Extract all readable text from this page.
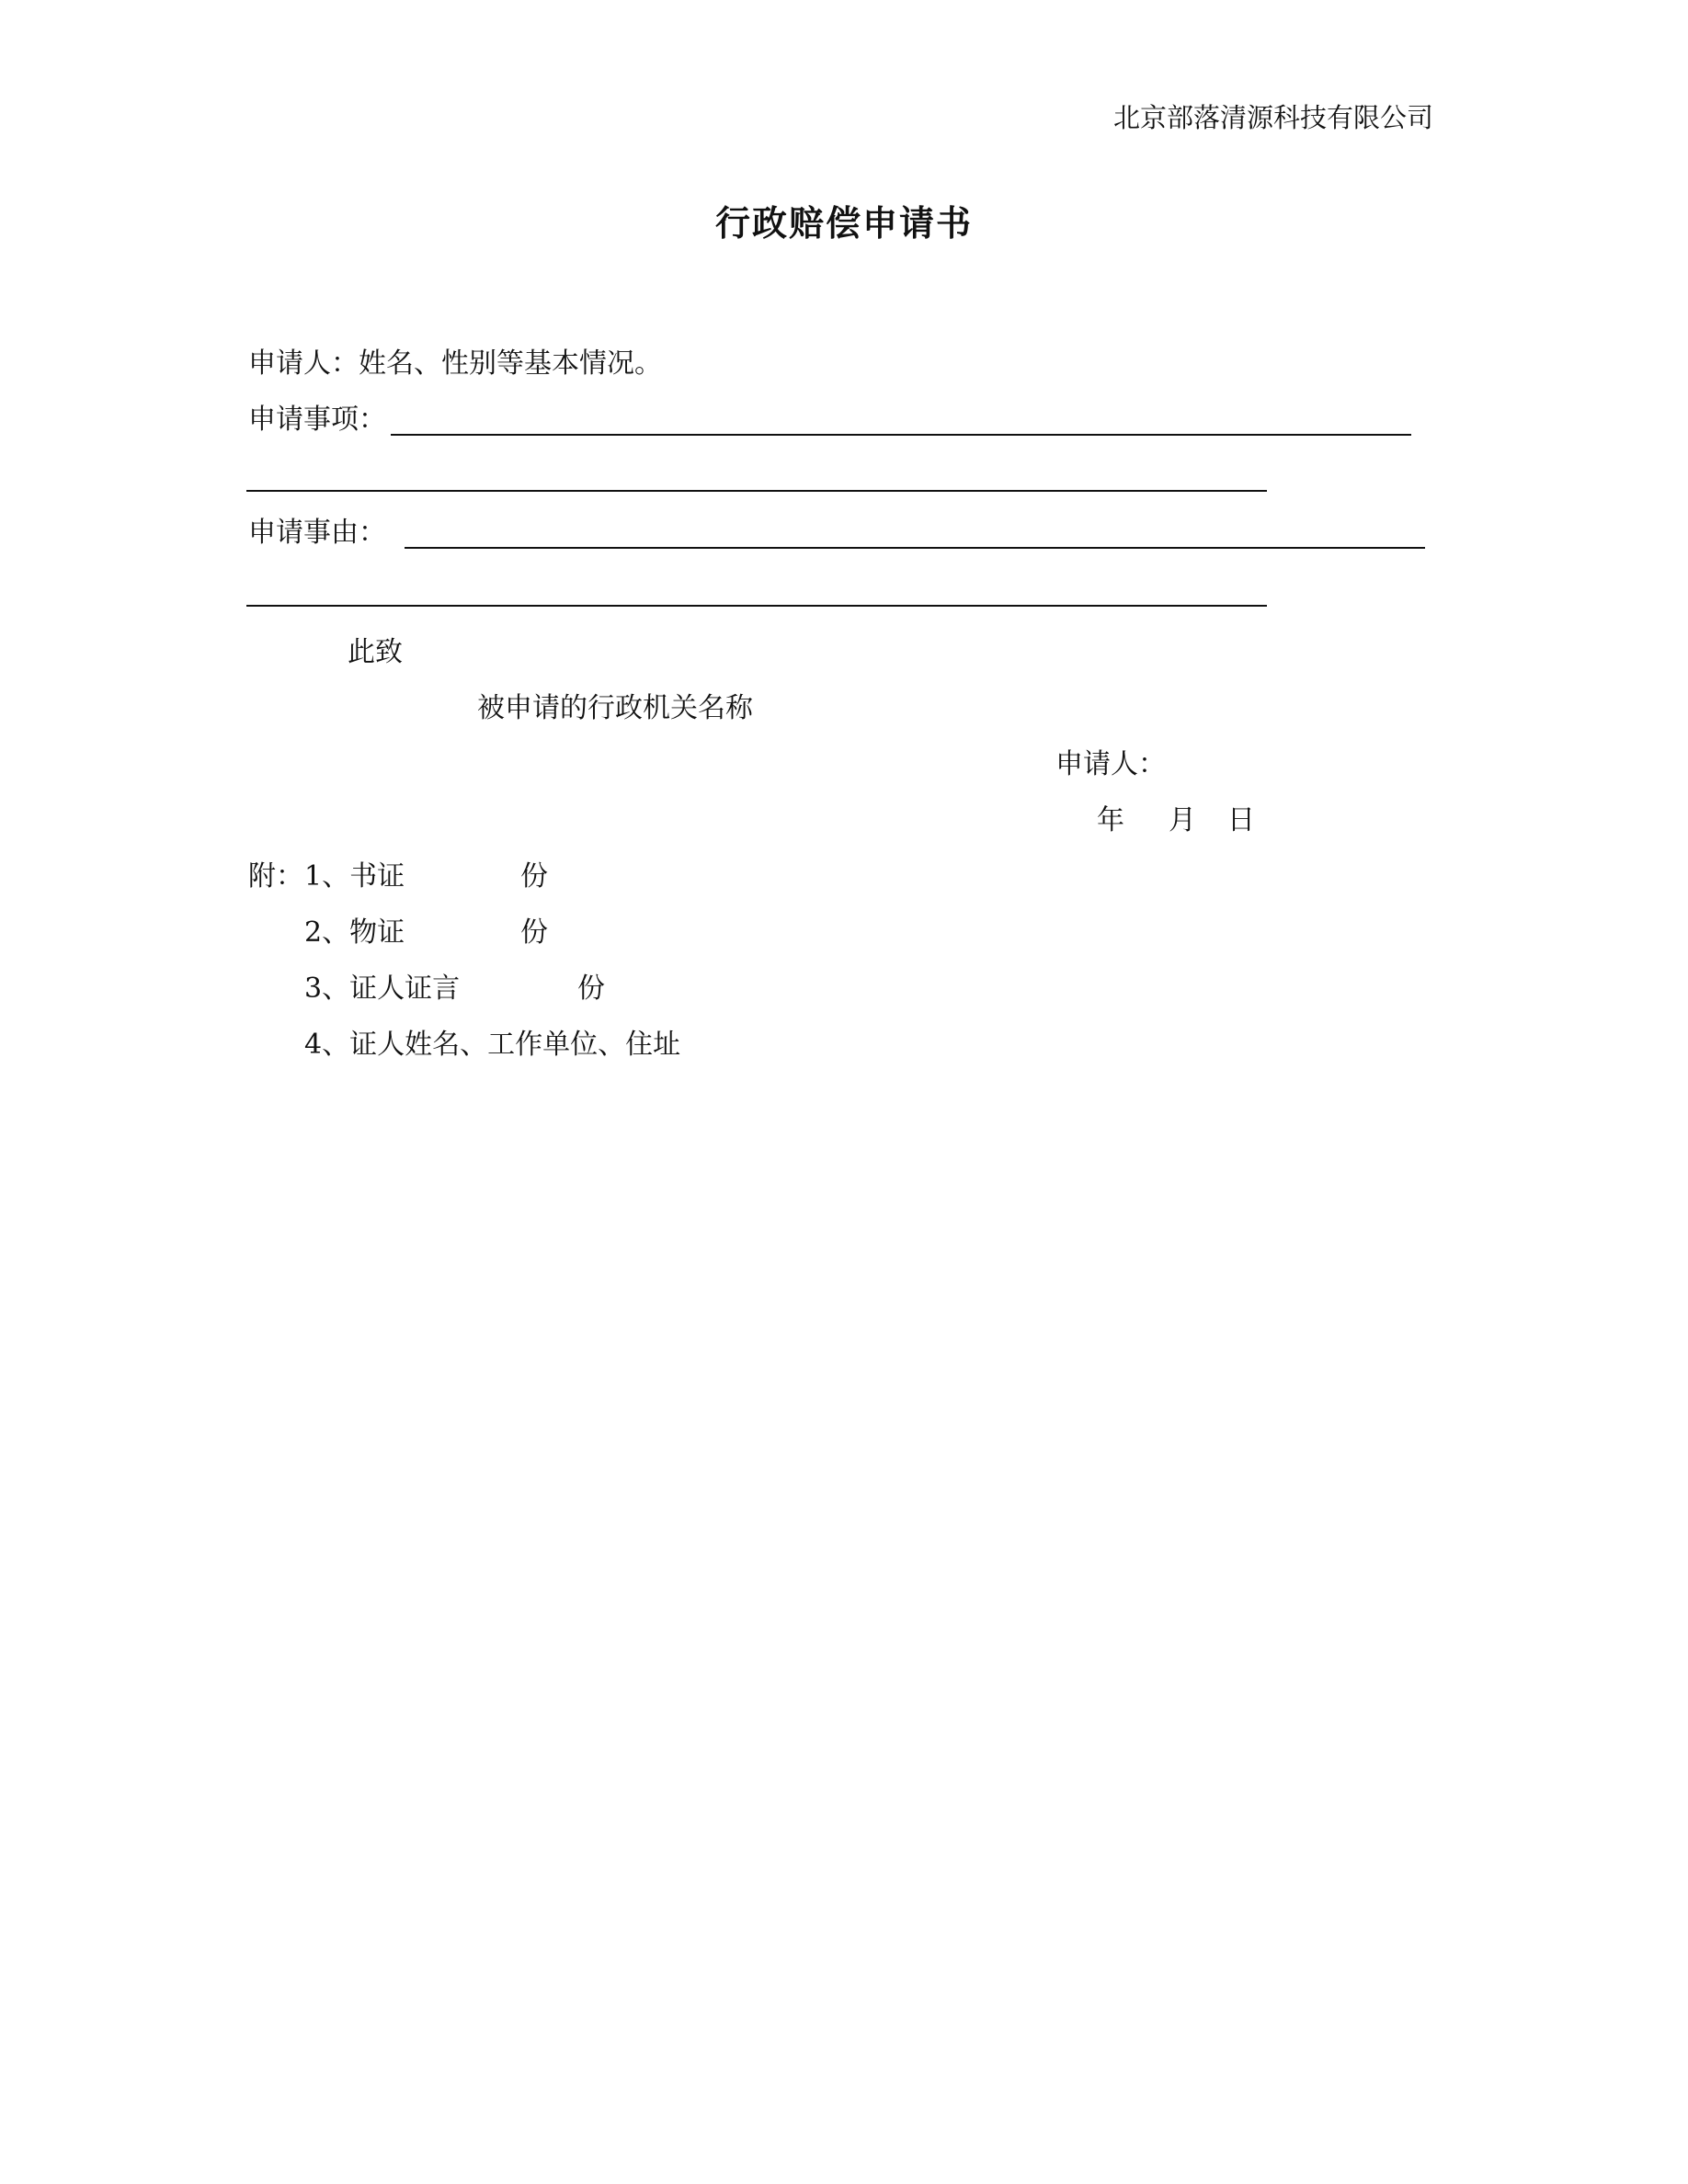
北京部落清源科技有限公司
行政赔偿申请书
申请人：姓名、性别等基本情况。
申请事项：
申请事由：
此致
被申请的行政机关名称
申请人：
年 月 日
附： 1、书证	份
2、物证	份
3、证人证言	份
4、证人姓名、工作单位、住址
